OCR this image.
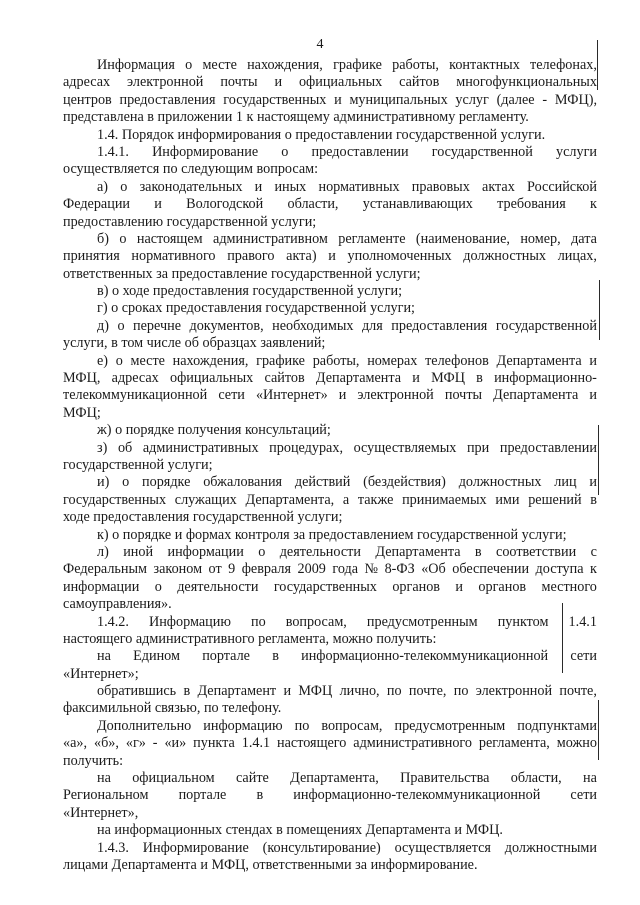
4
Информация о месте нахождения, графике работы, контактных телефонах,
адресах электронной почты и официальных сайтов многофункциональных
центров предоставления государственных и муниципальных услуг (далее - МФЦ),
представлена в приложении 1 к настоящему административному регламенту.
1.4. Порядок информирования о предоставлении государственной услуги.
1.4.1. Информирование о предоставлении государственной услуги
осуществляется по следующим вопросам:
а) о законодательных и иных нормативных правовых актах Российской
Федерации и Вологодской области, устанавливающих требования к
предоставлению государственной услуги;
б) о настоящем административном регламенте (наименование, номер, дата
принятия нормативного правого акта) и уполномоченных должностных лицах,
ответственных за предоставление государственной услуги;
в) о ходе предоставления государственной услуги;
г) о сроках предоставления государственной услуги;
д) о перечне документов, необходимых для предоставления государственной
услуги, в том числе об образцах заявлений;
е) о месте нахождения, графике работы, номерах телефонов Департамента и
МФЦ, адресах официальных сайтов Департамента и МФЦ в информационно-
телекоммуникационной сети «Интернет» и электронной почты Департамента и
МФЦ;
ж) о порядке получения консультаций;
з) об административных процедурах, осуществляемых при предоставлении
государственной услуги;
и) о порядке обжалования действий (бездействия) должностных лиц и
государственных служащих Департамента, а также принимаемых ими решений в
ходе предоставления государственной услуги;
к) о порядке и формах контроля за предоставлением государственной услуги;
л) иной информации о деятельности Департамента в соответствии с
Федеральным законом от 9 февраля 2009 года № 8-ФЗ «Об обеспечении доступа к
информации о деятельности государственных органов и органов местного
самоуправления».
1.4.2. Информацию по вопросам, предусмотренным пунктом 1.4.1
настоящего административного регламента, можно получить:
на Едином портале в информационно-телекоммуникационной сети
«Интернет»;
обратившись в Департамент и МФЦ лично, по почте, по электронной почте,
факсимильной связью, по телефону.
Дополнительно информацию по вопросам, предусмотренным подпунктами
«а», «б», «г» - «и» пункта 1.4.1 настоящего административного регламента, можно
получить:
на официальном сайте Департамента, Правительства области, на
Региональном портале в информационно-телекоммуникационной сети
«Интернет»,
на информационных стендах в помещениях Департамента и МФЦ.
1.4.3. Информирование (консультирование) осуществляется должностными
лицами Департамента и МФЦ, ответственными за информирование.
